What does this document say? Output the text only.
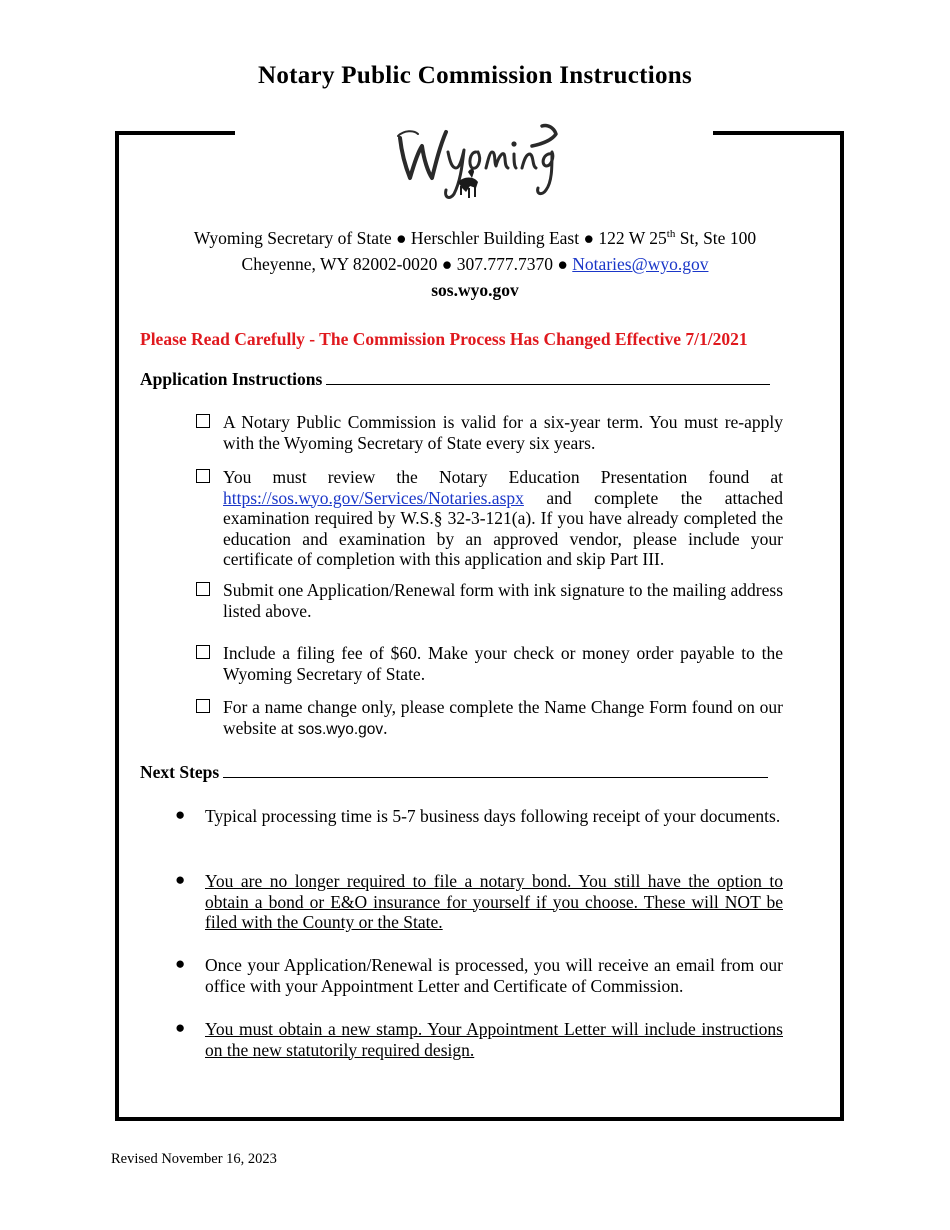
Notary Public Commission Instructions
Wyoming Secretary of State ● Herschler Building East ● 122 W 25th St, Ste 100
Cheyenne, WY 82002-0020 ● 307.777.7370 ● Notaries@wyo.gov
sos.wyo.gov
Please Read Carefully - The Commission Process Has Changed Effective 7/1/2021
Application Instructions
A Notary Public Commission is valid for a six-year term. You must re-apply with the Wyoming Secretary of State every six years.
You must review the Notary Education Presentation found at https://sos.wyo.gov/Services/Notaries.aspx and complete the attached examination required by W.S.§ 32-3-121(a). If you have already completed the education and examination by an approved vendor, please include your certificate of completion with this application and skip Part III.
Submit one Application/Renewal form with ink signature to the mailing address listed above.
Include a filing fee of $60. Make your check or money order payable to the Wyoming Secretary of State.
For a name change only, please complete the Name Change Form found on our website at sos.wyo.gov.
Next Steps
● Typical processing time is 5-7 business days following receipt of your documents.
● You are no longer required to file a notary bond. You still have the option to obtain a bond or E&O insurance for yourself if you choose. These will NOT be filed with the County or the State.
● Once your Application/Renewal is processed, you will receive an email from our office with your Appointment Letter and Certificate of Commission.
● You must obtain a new stamp. Your Appointment Letter will include instructions on the new statutorily required design.
Revised November 16, 2023
